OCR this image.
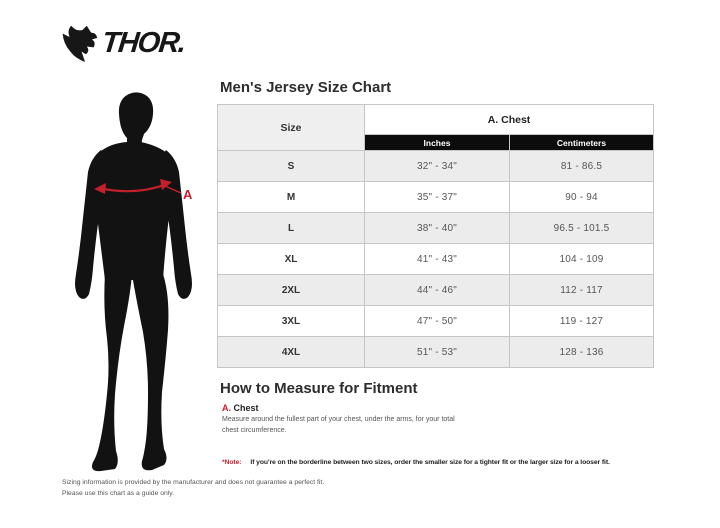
THOR.
A
Men's Jersey Size Chart
Size	A. Chest	
	Inches	Centimeters
S	32" - 34"	81 - 86.5
M	35" - 37"	90 - 94
L	38" - 40"	96.5 - 101.5
XL	41" - 43"	104 - 109
2XL	44" - 46"	112 - 117
3XL	47" - 50"	119 - 127
4XL	51" - 53"	128 - 136
How to Measure for Fitment
A. Chest
Measure around the fullest part of your chest, under the arms, for your total chest circumference.
*Note: If you're on the borderline between two sizes, order the smaller size for a tighter fit or the larger size for a looser fit.
Sizing information is provided by the manufacturer and does not guarantee a perfect fit.
Please use this chart as a guide only.
